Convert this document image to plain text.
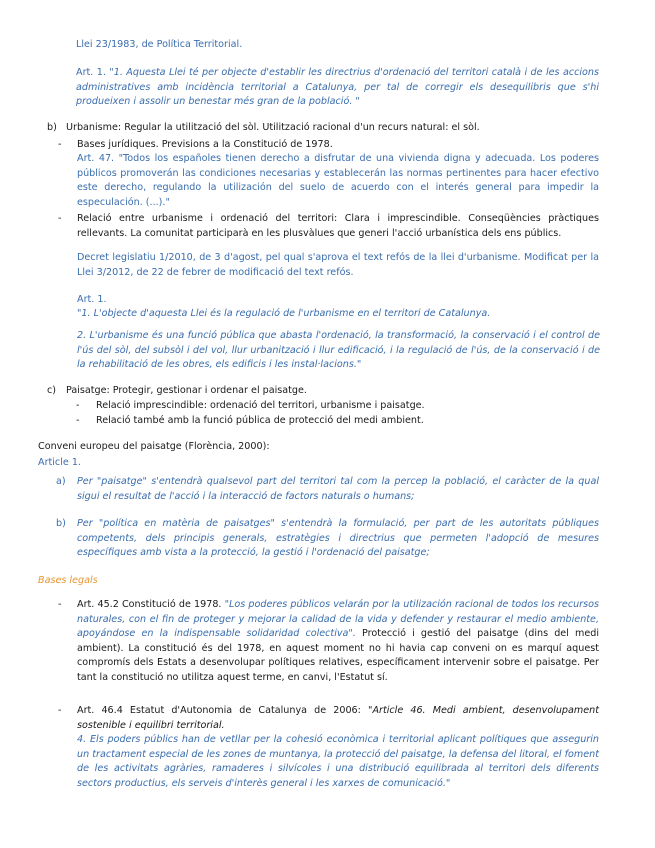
Llei 23/1983, de Política Territorial.

Art. 1. "1. Aquesta Llei té per objecte d'establir les directrius d'ordenació del territori català i de les accions administratives amb incidència territorial a Catalunya, per tal de corregir els desequilibris que s'hi produeixen i assolir un benestar més gran de la població. "

b) Urbanisme: Regular la utilització del sòl. Utilització racional d'un recurs natural: el sòl.

- Bases jurídiques. Previsions a la Constitució de 1978.

Art. 47. "Todos los españoles tienen derecho a disfrutar de una vivienda digna y adecuada. Los poderes públicos promoverán las condiciones necesarias y establecerán las normas pertinentes para hacer efectivo este derecho, regulando la utilización del suelo de acuerdo con el interés general para impedir la especulación. (...)."

- Relació entre urbanisme i ordenació del territori: Clara i imprescindible. Conseqüències pràctiques rellevants. La comunitat participarà en les plusvàlues que generi l'acció urbanística dels ens públics.

Decret legislatiu 1/2010, de 3 d'agost, pel qual s'aprova el text refós de la llei d'urbanisme. Modificat per la Llei 3/2012, de 22 de febrer de modificació del text refós.

Art. 1.

"1. L'objecte d'aquesta Llei és la regulació de l'urbanisme en el territori de Catalunya.

2. L'urbanisme és una funció pública que abasta l'ordenació, la transformació, la conservació i el control de l'ús del sòl, del subsòl i del vol, llur urbanització i llur edificació, i la regulació de l'ús, de la conservació i de la rehabilitació de les obres, els edificis i les instal·lacions."

c) Paisatge: Protegir, gestionar i ordenar el paisatge.

- Relació imprescindible: ordenació del territori, urbanisme i paisatge.

- Relació també amb la funció pública de protecció del medi ambient.

Conveni europeu del paisatge (Florència, 2000):

Article 1.

a) Per "paisatge" s'entendrà qualsevol part del territori tal com la percep la població, el caràcter de la qual sigui el resultat de l'acció i la interacció de factors naturals o humans;

b) Per "política en matèria de paisatges" s'entendrà la formulació, per part de les autoritats públiques competents, dels principis generals, estratègies i directrius que permeten l'adopció de mesures específiques amb vista a la protecció, la gestió i l'ordenació del paisatge;

Bases legals

- Art. 45.2 Constitució de 1978. "Los poderes públicos velarán por la utilización racional de todos los recursos naturales, con el fin de proteger y mejorar la calidad de la vida y defender y restaurar el medio ambiente, apoyándose en la indispensable solidaridad colectiva". Protecció i gestió del paisatge (dins del medi ambient). La constitució és del 1978, en aquest moment no hi havia cap conveni on es marquí aquest compromís dels Estats a desenvolupar polítiques relatives, específicament intervenir sobre el paisatge. Per tant la constitució no utilitza aquest terme, en canvi, l'Estatut sí.

- Art. 46.4 Estatut d'Autonomia de Catalunya de 2006: "Article 46. Medi ambient, desenvolupament sostenible i equilibri territorial.

4. Els poders públics han de vetllar per la cohesió econòmica i territorial aplicant polítiques que assegurin un tractament especial de les zones de muntanya, la protecció del paisatge, la defensa del litoral, el foment de les activitats agràries, ramaderes i silvícoles i una distribució equilibrada al territori dels diferents sectors productius, els serveis d'interès general i les xarxes de comunicació."
